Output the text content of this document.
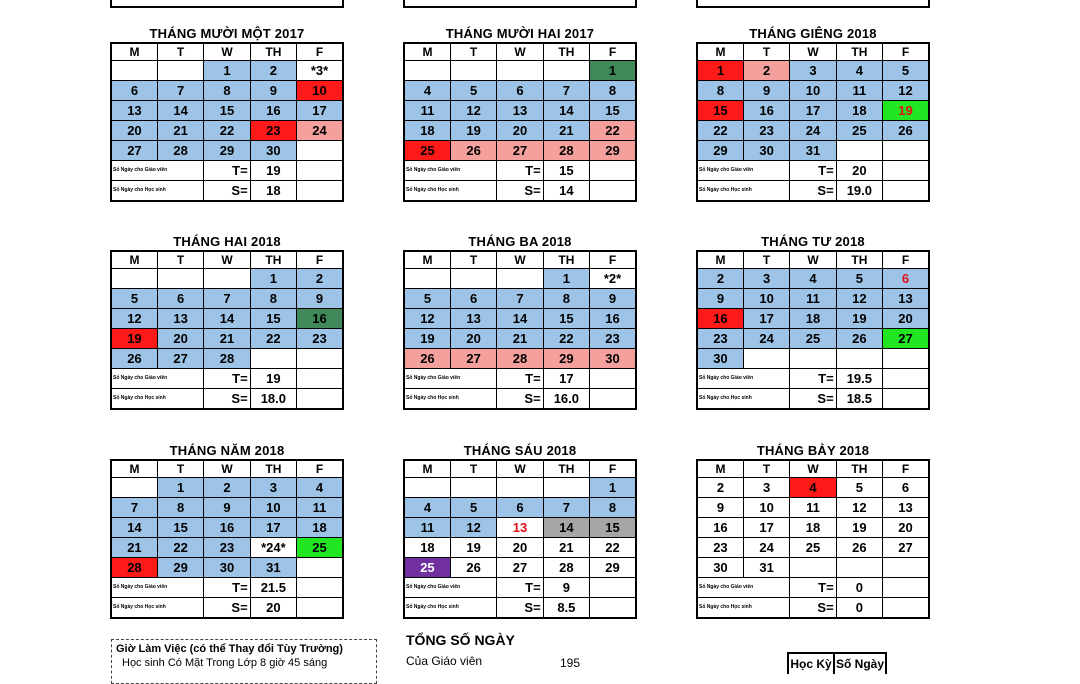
THÁNG MƯỜI MỘT 2017
M	T	W	TH	F
		1	2	*3*
6	7	8	9	10
13	14	15	16	17
20	21	22	23	24
27	28	29	30	
Số Ngày cho Giáo viên		T=	19	
Số Ngày cho Học sinh		S=	18	
THÁNG MƯỜI HAI 2017
M	T	W	TH	F
				1
4	5	6	7	8
11	12	13	14	15
18	19	20	21	22
25	26	27	28	29
Số Ngày cho Giáo viên		T=	15	
Số Ngày cho Học sinh		S=	14	
THÁNG GIÊNG 2018
M	T	W	TH	F
1	2	3	4	5
8	9	10	11	12
15	16	17	18	19
22	23	24	25	26
29	30	31		
Số Ngày cho Giáo viên		T=	20	
Số Ngày cho Học sinh		S=	19.0	
THÁNG HAI 2018
M	T	W	TH	F
			1	2
5	6	7	8	9
12	13	14	15	16
19	20	21	22	23
26	27	28		
Số Ngày cho Giáo viên		T=	19	
Số Ngày cho Học sinh		S=	18.0	
THÁNG BA 2018
M	T	W	TH	F
			1	*2*
5	6	7	8	9
12	13	14	15	16
19	20	21	22	23
26	27	28	29	30
Số Ngày cho Giáo viên		T=	17	
Số Ngày cho Học sinh		S=	16.0	
THÁNG TƯ 2018
M	T	W	TH	F
2	3	4	5	6
9	10	11	12	13
16	17	18	19	20
23	24	25	26	27
30				
Số Ngày cho Giáo viên		T=	19.5	
Số Ngày cho Học sinh		S=	18.5	
THÁNG NĂM 2018
M	T	W	TH	F
	1	2	3	4
7	8	9	10	11
14	15	16	17	18
21	22	23	*24*	25
28	29	30	31	
Số Ngày cho Giáo viên		T=	21.5	
Số Ngày cho Học sinh		S=	20	
THÁNG SÁU 2018
M	T	W	TH	F
				1
4	5	6	7	8
11	12	13	14	15
18	19	20	21	22
25	26	27	28	29
Số Ngày cho Giáo viên		T=	9	
Số Ngày cho Học sinh		S=	8.5	
THÁNG BẢY 2018
M	T	W	TH	F
2	3	4	5	6
9	10	11	12	13
16	17	18	19	20
23	24	25	26	27
30	31			
Số Ngày cho Giáo viên		T=	0	
Số Ngày cho Học sinh		S=	0	
Giờ Làm Việc (có thể Thay đổi Tùy Trường)
Học sinh Có Mặt Trong Lớp 8 giờ 45 sáng
TỔNG SỐ NGÀY
Của Giáo viên	195	Học Kỳ Số Ngày
